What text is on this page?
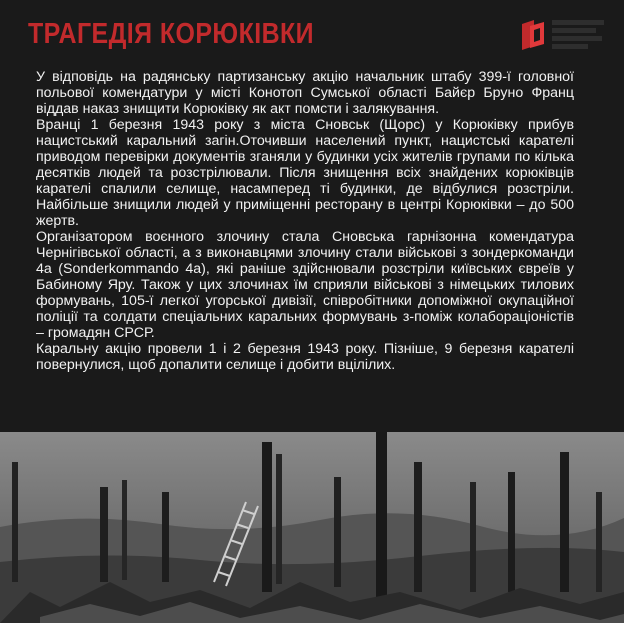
ТРАГЕДІЯ КОРЮКІВКИ

У відповідь на радянську партизанську акцію начальник штабу 399-ї головної польової комендатури у місті Конотоп Сумської області Байєр Бруно Франц віддав наказ знищити Корюківку як акт помсти і залякування.

Вранці 1 березня 1943 року з міста Сновськ (Щорс) у Корюківку прибув нацистський каральний загін.Оточивши населений пункт, нацистські карателі приводом перевірки документів зганяли у будинки усіх жителів групами по кілька десятків людей та розстрілювали. Після знищення всіх знайдених корюківців карателі спалили селище, насамперед ті будинки, де відбулися розстріли. Найбільше знищили людей у приміщенні ресторану в центрі Корюківки – до 500 жертв.

Організатором воєнного злочину стала Сновська гарнізонна комендатура Чернігівської області, а з виконавцями злочину стали військові з зондеркоманди 4а (Sonderkommando 4a), які раніше здійснювали розстріли київських євреїв у Бабиному Яру. Також у цих злочинах їм сприяли військові з німецьких тилових формувань, 105-ї легкої угорської дивізії, співробітники допоміжної окупаційної поліції та солдати спеціальних каральних формувань з-поміж колабораціоністів – громадян СРСР.

Каральну акцію провели 1 і 2 березня 1943 року. Пізніше, 9 березня карателі повернулися, щоб допалити селище і добити вцілілих.
